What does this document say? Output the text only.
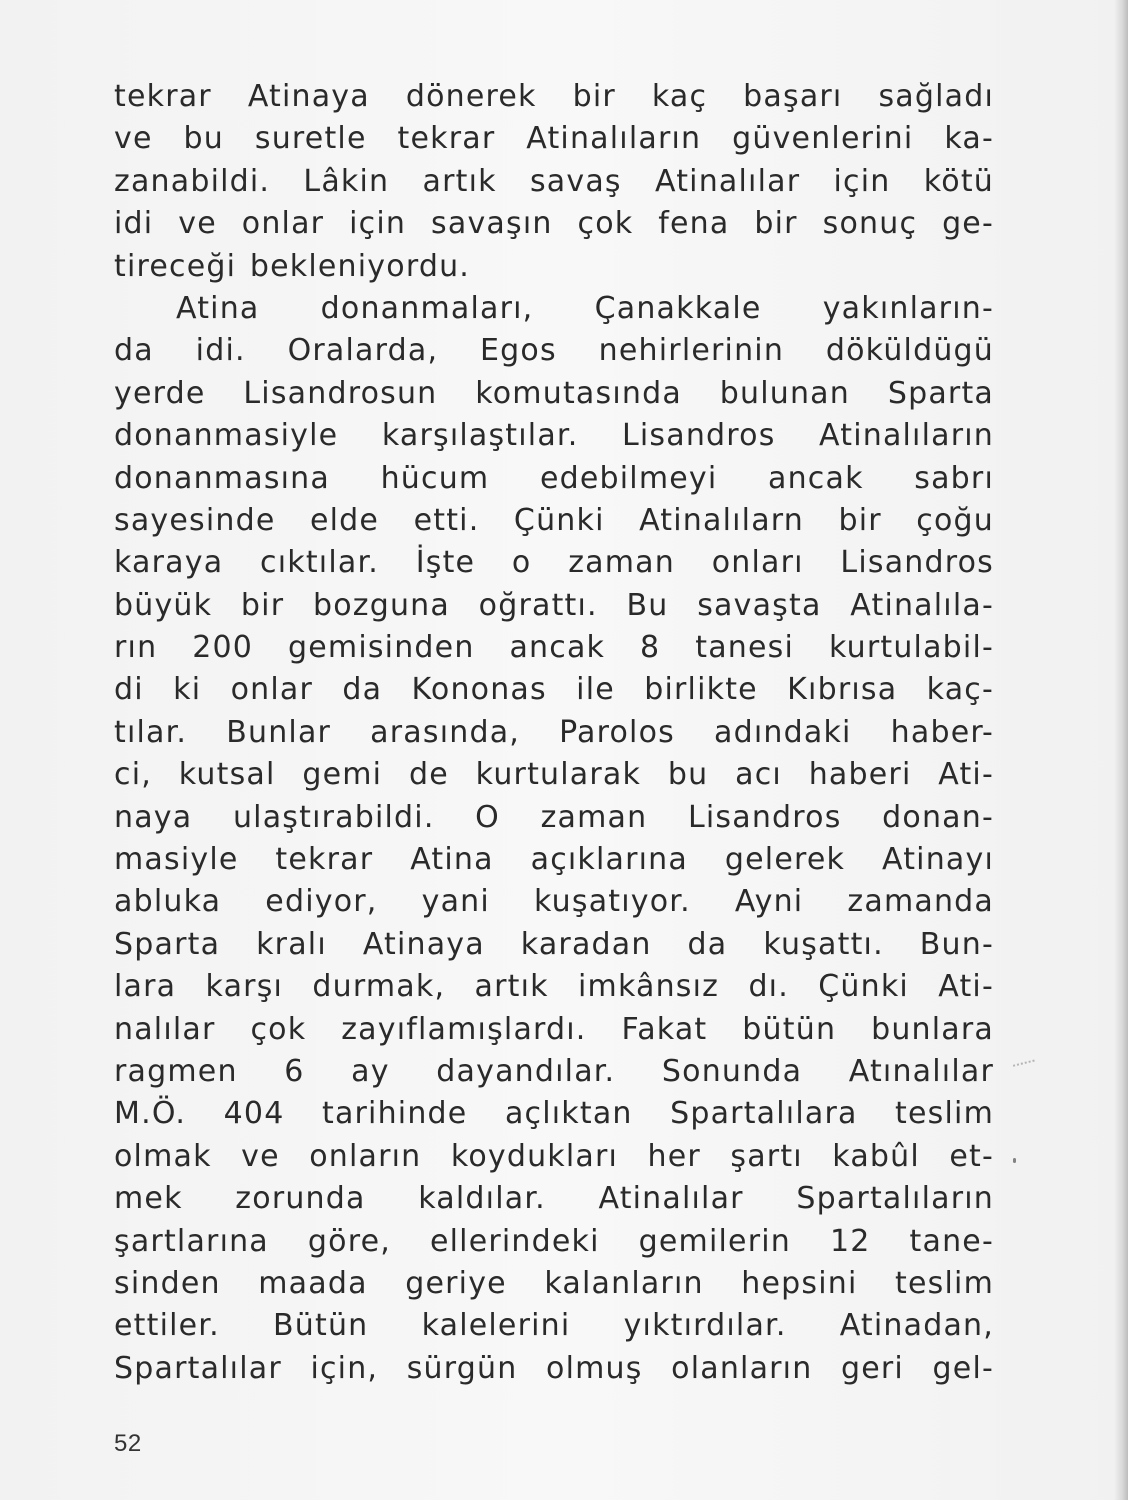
tekrar Atinaya dönerek bir kaç başarı sağladı
ve bu suretle tekrar Atinalıların güvenlerini ka-
zanabildi. Lâkin artık savaş Atinalılar için kötü
idi ve onlar için savaşın çok fena bir sonuç ge-
tireceği bekleniyordu.
Atina donanmaları, Çanakkale yakınların-
da idi. Oralarda, Egos nehirlerinin döküldügü
yerde Lisandrosun komutasında bulunan Sparta
donanmasiyle karşılaştılar. Lisandros Atinalıların
donanmasına hücum edebilmeyi ancak sabrı
sayesinde elde etti. Çünki Atinalılarn bir çoğu
karaya cıktılar. İşte o zaman onları Lisandros
büyük bir bozguna oğrattı. Bu savaşta Atinalıla-
rın 200 gemisinden ancak 8 tanesi kurtulabil-
di ki onlar da Kononas ile birlikte Kıbrısa kaç-
tılar. Bunlar arasında, Parolos adındaki haber-
ci, kutsal gemi de kurtularak bu acı haberi Ati-
naya ulaştırabildi. O zaman Lisandros donan-
masiyle tekrar Atina açıklarına gelerek Atinayı
abluka ediyor, yani kuşatıyor. Ayni zamanda
Sparta kralı Atinaya karadan da kuşattı. Bun-
lara karşı durmak, artık imkânsız dı. Çünki Ati-
nalılar çok zayıflamışlardı. Fakat bütün bunlara
ragmen 6 ay dayandılar. Sonunda Atınalılar
M.Ö. 404 tarihinde açlıktan Spartalılara teslim
olmak ve onların koydukları her şartı kabûl et-
mek zorunda kaldılar. Atinalılar Spartalıların
şartlarına göre, ellerindeki gemilerin 12 tane-
sinden maada geriye kalanların hepsini teslim
ettiler. Bütün kalelerini yıktırdılar. Atinadan,
Spartalılar için, sürgün olmuş olanların geri gel-
52
